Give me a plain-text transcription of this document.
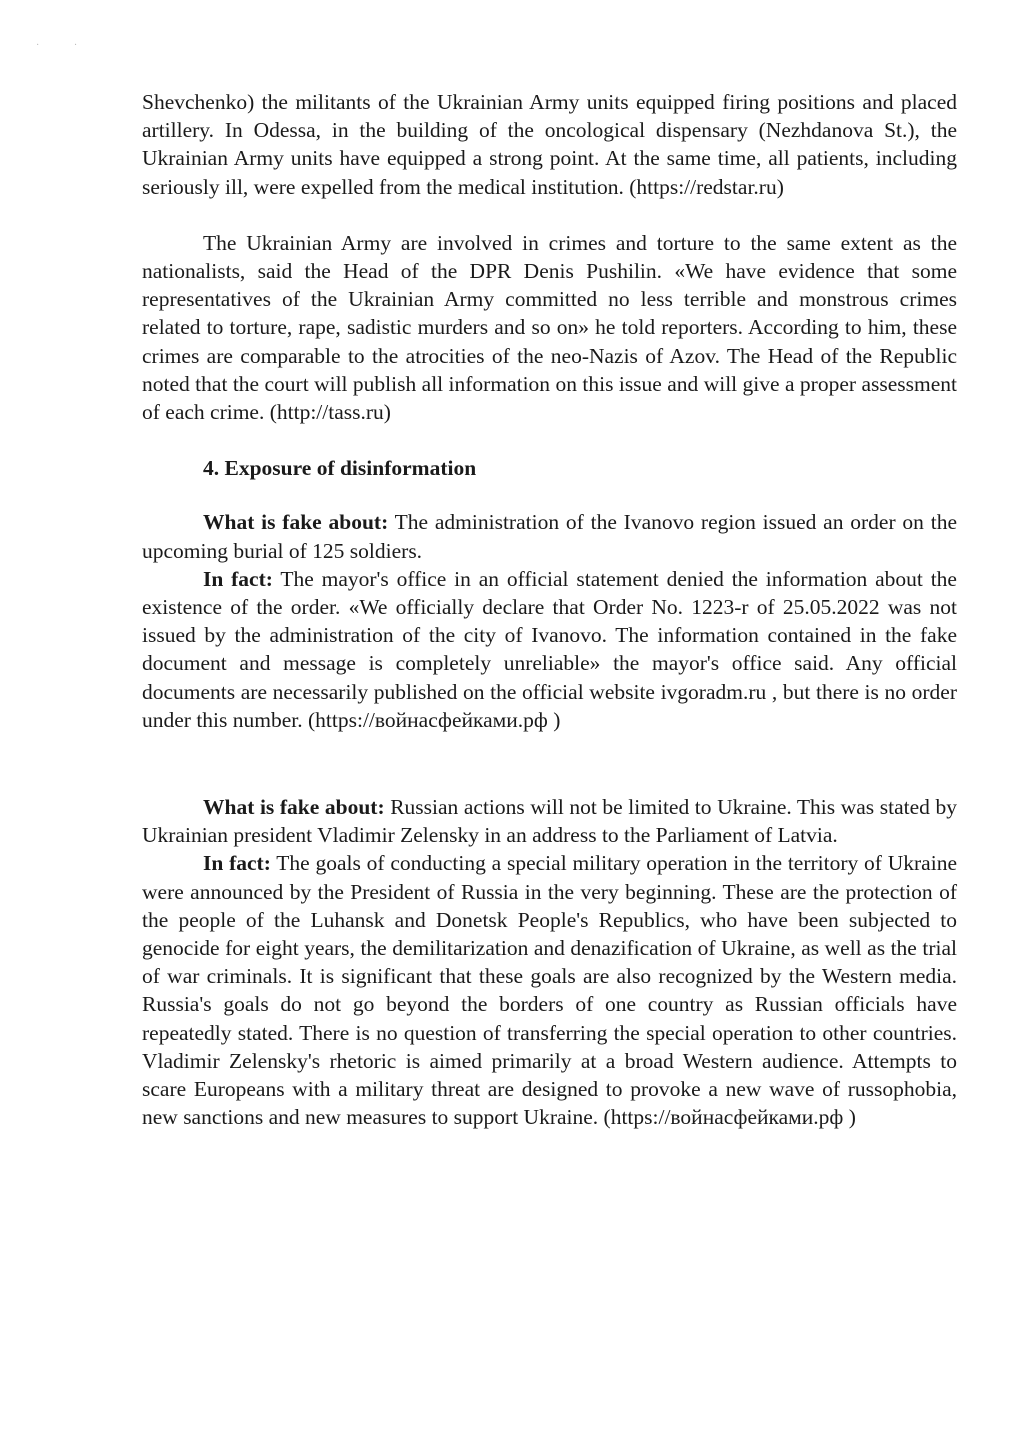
· ·

Shevchenko) the militants of the Ukrainian Army units equipped firing positions and placed artillery. In Odessa, in the building of the oncological dispensary (Nezhdanova St.), the Ukrainian Army units have equipped a strong point. At the same time, all patients, including seriously ill, were expelled from the medical institution. (https://redstar.ru)

The Ukrainian Army are involved in crimes and torture to the same extent as the nationalists, said the Head of the DPR Denis Pushilin. «We have evidence that some representatives of the Ukrainian Army committed no less terrible and monstrous crimes related to torture, rape, sadistic murders and so on» he told reporters. According to him, these crimes are comparable to the atrocities of the neo-Nazis of Azov. The Head of the Republic noted that the court will publish all information on this issue and will give a proper assessment of each crime. (http://tass.ru)

4. Exposure of disinformation

What is fake about: The administration of the Ivanovo region issued an order on the upcoming burial of 125 soldiers.

In fact: The mayor's office in an official statement denied the information about the existence of the order. «We officially declare that Order No. 1223-r of 25.05.2022 was not issued by the administration of the city of Ivanovo. The information contained in the fake document and message is completely unreliable» the mayor's office said. Any official documents are necessarily published on the official website ivgoradm.ru , but there is no order under this number. (https://войнасфейками.рф )

What is fake about: Russian actions will not be limited to Ukraine. This was stated by Ukrainian president Vladimir Zelensky in an address to the Parliament of Latvia.

In fact: The goals of conducting a special military operation in the territory of Ukraine were announced by the President of Russia in the very beginning. These are the protection of the people of the Luhansk and Donetsk People's Republics, who have been subjected to genocide for eight years, the demilitarization and denazification of Ukraine, as well as the trial of war criminals. It is significant that these goals are also recognized by the Western media. Russia's goals do not go beyond the borders of one country as Russian officials have repeatedly stated. There is no question of transferring the special operation to other countries. Vladimir Zelensky's rhetoric is aimed primarily at a broad Western audience. Attempts to scare Europeans with a military threat are designed to provoke a new wave of russophobia, new sanctions and new measures to support Ukraine. (https://войнасфейками.рф )
